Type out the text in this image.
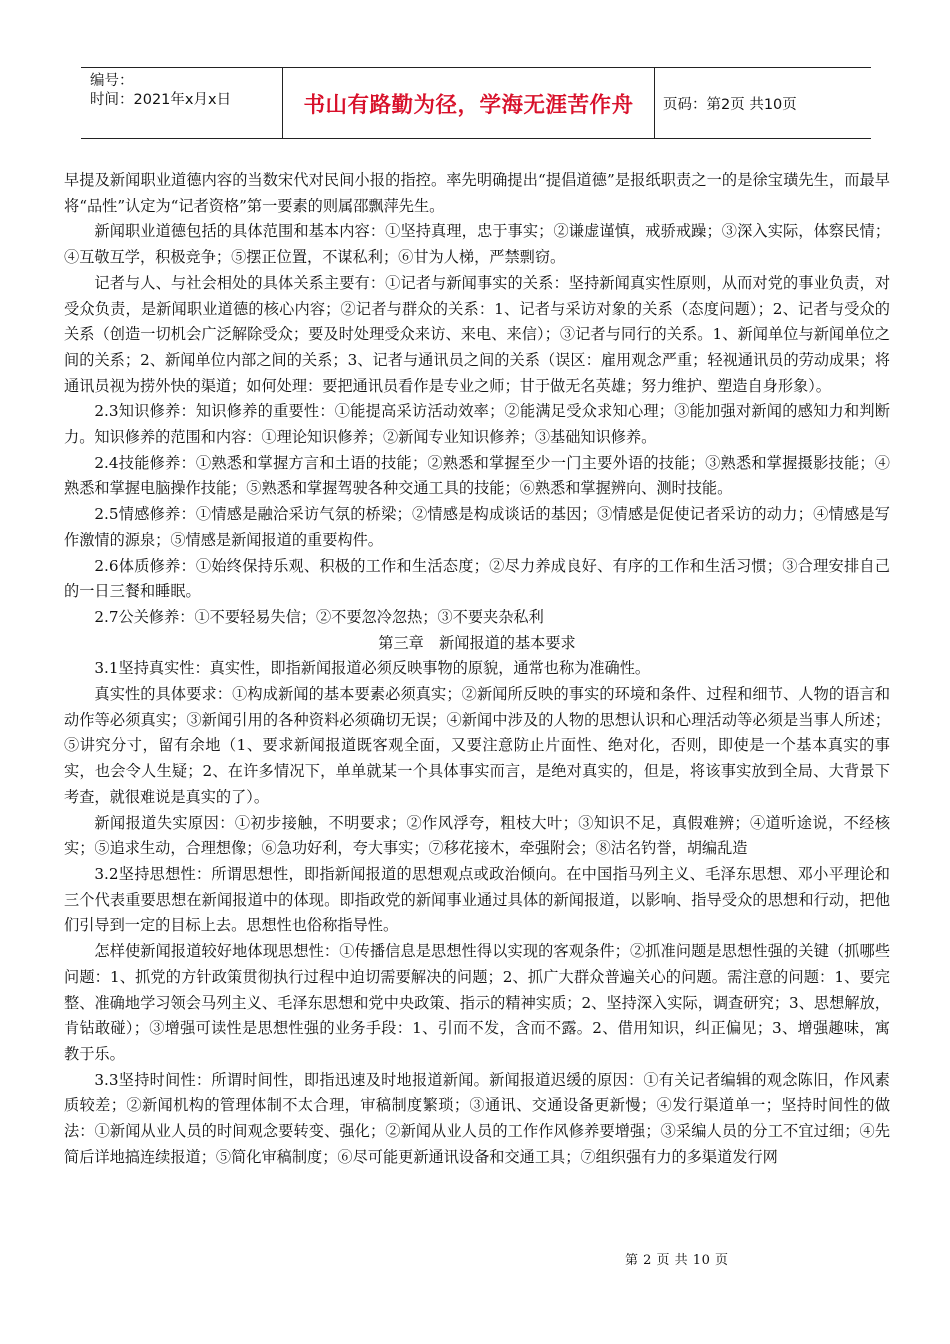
编号：
时间：2021年x月x日	书山有路勤为径，学海无涯苦作舟 页码：第2页 共10页

早提及新闻职业道德内容的当数宋代对民间小报的指控。率先明确提出“提倡道德”是报纸职责之一的是徐宝璜先生，而最早将“品性”认定为“记者资格”第一要素的则属邵飘萍先生。

新闻职业道德包括的具体范围和基本内容：①坚持真理，忠于事实；②谦虚谨慎，戒骄戒躁；③深入实际，体察民情；④互敬互学，积极竞争；⑤摆正位置，不谋私利；⑥甘为人梯，严禁剽窃。

记者与人、与社会相处的具体关系主要有：①记者与新闻事实的关系：坚持新闻真实性原则，从而对党的事业负责，对受众负责，是新闻职业道德的核心内容；②记者与群众的关系：1、记者与采访对象的关系（态度问题）；2、记者与受众的关系（创造一切机会广泛解除受众；要及时处理受众来访、来电、来信）；③记者与同行的关系。1、新闻单位与新闻单位之间的关系；2、新闻单位内部之间的关系；3、记者与通讯员之间的关系（误区：雇用观念严重；轻视通讯员的劳动成果；将通讯员视为捞外快的渠道；如何处理：要把通讯员看作是专业之师；甘于做无名英雄；努力维护、塑造自身形象）。

2.3知识修养：知识修养的重要性：①能提高采访活动效率；②能满足受众求知心理；③能加强对新闻的感知力和判断力。知识修养的范围和内容：①理论知识修养；②新闻专业知识修养；③基础知识修养。

2.4技能修养：①熟悉和掌握方言和土语的技能；②熟悉和掌握至少一门主要外语的技能；③熟悉和掌握摄影技能；④熟悉和掌握电脑操作技能；⑤熟悉和掌握驾驶各种交通工具的技能；⑥熟悉和掌握辨向、测时技能。

2.5情感修养：①情感是融洽采访气氛的桥梁；②情感是构成谈话的基因；③情感是促使记者采访的动力；④情感是写作激情的源泉；⑤情感是新闻报道的重要构件。

2.6体质修养：①始终保持乐观、积极的工作和生活态度；②尽力养成良好、有序的工作和生活习惯；③合理安排自己的一日三餐和睡眠。

2.7公关修养：①不要轻易失信；②不要忽冷忽热；③不要夹杂私利

第三章　新闻报道的基本要求

3.1坚持真实性：真实性，即指新闻报道必须反映事物的原貌，通常也称为准确性。

真实性的具体要求：①构成新闻的基本要素必须真实；②新闻所反映的事实的环境和条件、过程和细节、人物的语言和动作等必须真实；③新闻引用的各种资料必须确切无误；④新闻中涉及的人物的思想认识和心理活动等必须是当事人所述；⑤讲究分寸，留有余地（1、要求新闻报道既客观全面，又要注意防止片面性、绝对化，否则，即使是一个基本真实的事实，也会令人生疑；2、在许多情况下，单单就某一个具体事实而言，是绝对真实的，但是，将该事实放到全局、大背景下考查，就很难说是真实的了）。

新闻报道失实原因：①初步接触，不明要求；②作风浮夸，粗枝大叶；③知识不足，真假难辨；④道听途说，不经核实；⑤追求生动，合理想像；⑥急功好利，夸大事实；⑦移花接木，牵强附会；⑧沽名钓誉，胡编乱造

3.2坚持思想性：所谓思想性，即指新闻报道的思想观点或政治倾向。在中国指马列主义、毛泽东思想、邓小平理论和三个代表重要思想在新闻报道中的体现。即指政党的新闻事业通过具体的新闻报道，以影响、指导受众的思想和行动，把他们引导到一定的目标上去。思想性也俗称指导性。

怎样使新闻报道较好地体现思想性：①传播信息是思想性得以实现的客观条件；②抓准问题是思想性强的关键（抓哪些问题：1、抓党的方针政策贯彻执行过程中迫切需要解决的问题；2、抓广大群众普遍关心的问题。需注意的问题：1、要完整、准确地学习领会马列主义、毛泽东思想和党中央政策、指示的精神实质；2、坚持深入实际，调查研究；3、思想解放，肯钻敢碰）；③增强可读性是思想性强的业务手段：1、引而不发，含而不露。2、借用知识，纠正偏见；3、增强趣味，寓教于乐。

3.3坚持时间性：所谓时间性，即指迅速及时地报道新闻。新闻报道迟缓的原因：①有关记者编辑的观念陈旧，作风素质较差；②新闻机构的管理体制不太合理，审稿制度繁琐；③通讯、交通设备更新慢；④发行渠道单一；坚持时间性的做法：①新闻从业人员的时间观念要转变、强化；②新闻从业人员的工作作风修养要增强；③采编人员的分工不宜过细；④先简后详地搞连续报道；⑤简化审稿制度；⑥尽可能更新通讯设备和交通工具；⑦组织强有力的多渠道发行网

第 2 页 共 10 页
